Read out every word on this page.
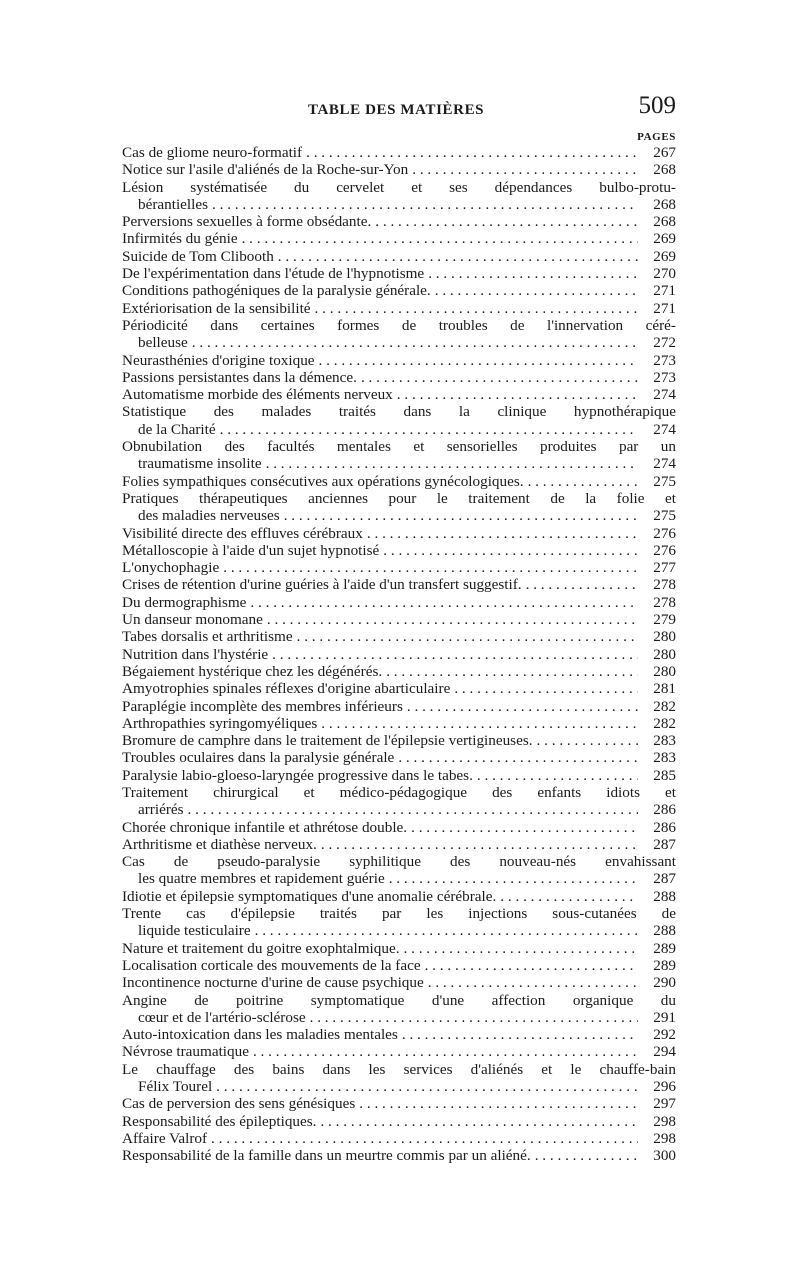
TABLE DES MATIÈRES	509
PAGES
Cas de gliome neuro-formatif . . .	267
Notice sur l'asile d'aliénés de la Roche-sur-Yon . . .	268
Lésion systématisée du cervelet et ses dépendances bulbo-protu-
bérantielles . . .	268
Perversions sexuelles à forme obsédante. . . .	268
Infirmités du génie . . .	269
Suicide de Tom Clibooth . . .	269
De l'expérimentation dans l'étude de l'hypnotisme . . .	270
Conditions pathogéniques de la paralysie générale. . . .	271
Extériorisation de la sensibilité . . .	271
Périodicité dans certaines formes de troubles de l'innervation céré-
belleuse . . .	272
Neurasthénies d'origine toxique . . .	273
Passions persistantes dans la démence. . . .	273
Automatisme morbide des éléments nerveux . . .	274
Statistique des malades traités dans la clinique hypnothérapique
de la Charité . . .	274
Obnubilation des facultés mentales et sensorielles produites par un
traumatisme insolite . . .	274
Folies sympathiques consécutives aux opérations gynécologiques. . . .	275
Pratiques thérapeutiques anciennes pour le traitement de la folie et
des maladies nerveuses . . .	275
Visibilité directe des effluves cérébraux . . .	276
Métalloscopie à l'aide d'un sujet hypnotisé . . .	276
L'onychophagie . . .	277
Crises de rétention d'urine guéries à l'aide d'un transfert suggestif. . . .	278
Du dermographisme . . .	278
Un danseur monomane . . .	279
Tabes dorsalis et arthritisme . . .	280
Nutrition dans l'hystérie . . .	280
Bégaiement hystérique chez les dégénérés. . . .	280
Amyotrophies spinales réflexes d'origine abarticulaire . . .	281
Paraplégie incomplète des membres inférieurs . . .	282
Arthropathies syringomyéliques . . .	282
Bromure de camphre dans le traitement de l'épilepsie vertigineuses. . . .	283
Troubles oculaires dans la paralysie générale . . .	283
Paralysie labio-gloeso-laryngée progressive dans le tabes. . . .	285
Traitement chirurgical et médico-pédagogique des enfants idiots et
arriérés . . .	286
Chorée chronique infantile et athrétose double. . . .	286
Arthritisme et diathèse nerveux. . . .	287
Cas de pseudo-paralysie syphilitique des nouveau-nés envahissant
les quatre membres et rapidement guérie . . .	287
Idiotie et épilepsie symptomatiques d'une anomalie cérébrale. . . .	288
Trente cas d'épilepsie traités par les injections sous-cutanées de
liquide testiculaire . . .	288
Nature et traitement du goitre exophtalmique. . . .	289
Localisation corticale des mouvements de la face . . .	289
Incontinence nocturne d'urine de cause psychique . . .	290
Angine de poitrine symptomatique d'une affection organique du
cœur et de l'artério-sclérose . . .	291
Auto-intoxication dans les maladies mentales . . .	292
Névrose traumatique . . .	294
Le chauffage des bains dans les services d'aliénés et le chauffe-bain
Félix Tourel . . .	296
Cas de perversion des sens génésiques . . .	297
Responsabilité des épileptiques. . . .	298
Affaire Valrof . . .	298
Responsabilité de la famille dans un meurtre commis par un aliéné. . . .	300
